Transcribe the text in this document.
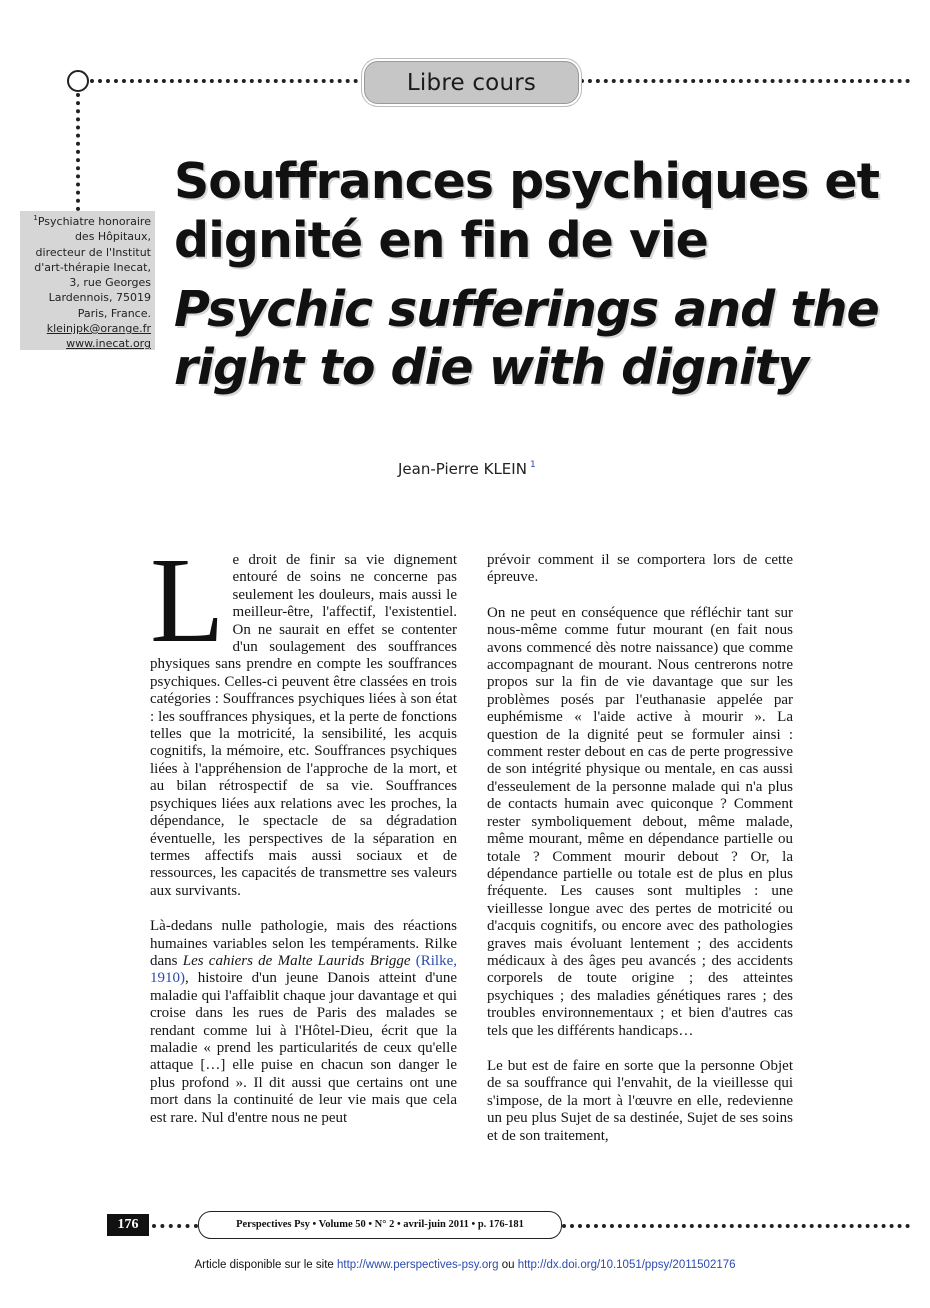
Libre cours
$^1$Psychiatre honoraire
des Hôpitaux,
directeur de l'Institut
d'art-thérapie Inecat,
3, rue Georges
Lardennois, 75019
Paris, France.
kleinjpk@orange.fr
www.inecat.org
Souffrances psychiques et
dignité en fin de vie
Psychic sufferings and the
right to die with dignity
Jean-Pierre KLEIN $^1$

Le droit de finir sa vie dignement entouré de soins ne concerne pas seulement les douleurs, mais aussi le meilleur-être, l'affectif, l'existentiel. On ne saurait en effet se contenter d'un soulagement des souffrances physiques sans prendre en compte les souffrances psychiques. Celles-ci peuvent être classées en trois catégories : Souffrances psychiques liées à son état : les souffrances physiques, et la perte de fonctions telles que la motricité, la sensibilité, les acquis cognitifs, la mémoire, etc. Souffrances psychiques liées à l'appréhension de l'approche de la mort, et au bilan rétrospectif de sa vie. Souffrances psychiques liées aux relations avec les proches, la dépendance, le spectacle de sa dégradation éventuelle, les perspectives de la séparation en termes affectifs mais aussi sociaux et de ressources, les capacités de transmettre ses valeurs aux survivants.

Là-dedans nulle pathologie, mais des réactions humaines variables selon les tempéraments. Rilke dans Les cahiers de Malte Laurids Brigge (Rilke, 1910), histoire d'un jeune Danois atteint d'une maladie qui l'affaiblit chaque jour davantage et qui croise dans les rues de Paris des malades se rendant comme lui à l'Hôtel-Dieu, écrit que la maladie « prend les particularités de ceux qu'elle attaque […] elle puise en chacun son danger le plus profond ». Il dit aussi que certains ont une mort dans la continuité de leur vie mais que cela est rare. Nul d'entre nous ne peut

prévoir comment il se comportera lors de cette épreuve.

On ne peut en conséquence que réfléchir tant sur nous-même comme futur mourant (en fait nous avons commencé dès notre naissance) que comme accompagnant de mourant. Nous centrerons notre propos sur la fin de vie davantage que sur les problèmes posés par l'euthanasie appelée par euphémisme « l'aide active à mourir ». La question de la dignité peut se formuler ainsi : comment rester debout en cas de perte progressive de son intégrité physique ou mentale, en cas aussi d'esseulement de la personne malade qui n'a plus de contacts humain avec quiconque ? Comment rester symboliquement debout, même malade, même mourant, même en dépendance partielle ou totale ? Comment mourir debout ? Or, la dépendance partielle ou totale est de plus en plus fréquente. Les causes sont multiples : une vieillesse longue avec des pertes de motricité ou d'acquis cognitifs, ou encore avec des pathologies graves mais évoluant lentement ; des accidents médicaux à des âges peu avancés ; des accidents corporels de toute origine ; des atteintes psychiques ; des maladies génétiques rares ; des troubles environnementaux ; et bien d'autres cas tels que les différents handicaps…

Le but est de faire en sorte que la personne Objet de sa souffrance qui l'envahit, de la vieillesse qui s'impose, de la mort à l'œuvre en elle, redevienne un peu plus Sujet de sa destinée, Sujet de ses soins et de son traitement,

176	Perspectives Psy • Volume 50 • N° 2 • avril-juin 2011 • p. 176-181
Article disponible sur le site http://www.perspectives-psy.org ou http://dx.doi.org/10.1051/ppsy/2011502176
